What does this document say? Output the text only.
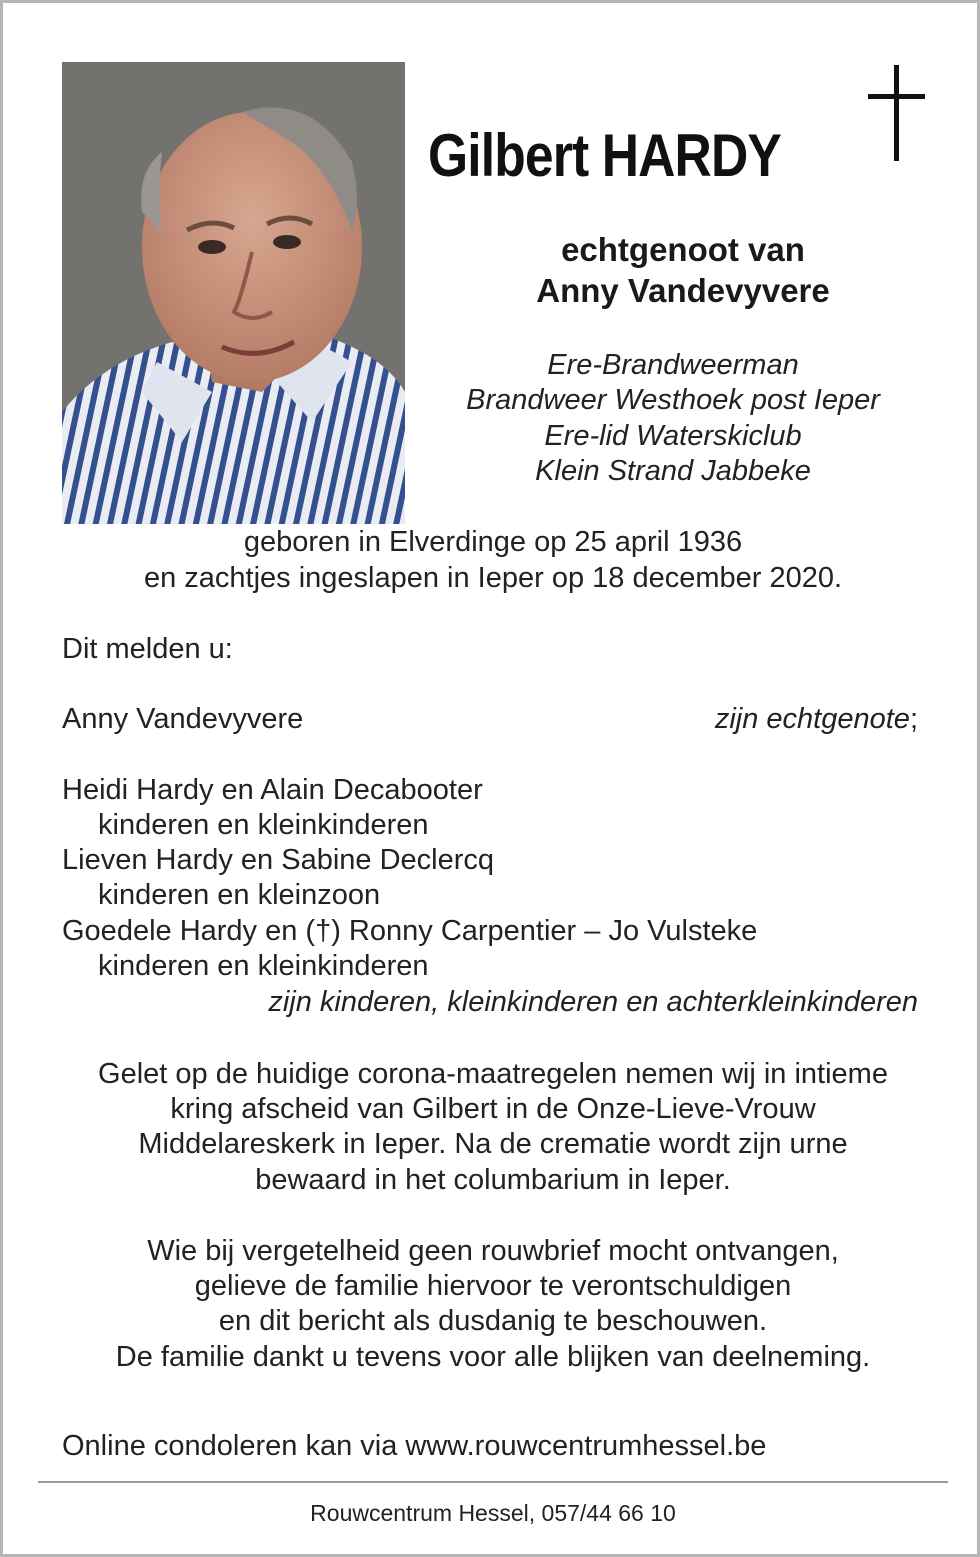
Gilbert HARDY
echtgenoot van
Anny Vandevyvere
Ere-Brandweerman
Brandweer Westhoek post Ieper
Ere-lid Waterskiclub
Klein Strand Jabbeke
geboren in Elverdinge op 25 april 1936
en zachtjes ingeslapen in Ieper op 18 december 2020.
Dit melden u:
Anny Vandevyvere	zijn echtgenote;
Heidi Hardy en Alain Decabooter
kinderen en kleinkinderen
Lieven Hardy en Sabine Declercq
kinderen en kleinzoon
Goedele Hardy en (†) Ronny Carpentier – Jo Vulsteke
kinderen en kleinkinderen
zijn kinderen, kleinkinderen en achterkleinkinderen
Gelet op de huidige corona-maatregelen nemen wij in intieme
kring afscheid van Gilbert in de Onze-Lieve-Vrouw
Middelareskerk in Ieper. Na de crematie wordt zijn urne
bewaard in het columbarium in Ieper.
Wie bij vergetelheid geen rouwbrief mocht ontvangen,
gelieve de familie hiervoor te verontschuldigen
en dit bericht als dusdanig te beschouwen.
De familie dankt u tevens voor alle blijken van deelneming.
Online condoleren kan via www.rouwcentrumhessel.be
Rouwcentrum Hessel, 057/44 66 10
